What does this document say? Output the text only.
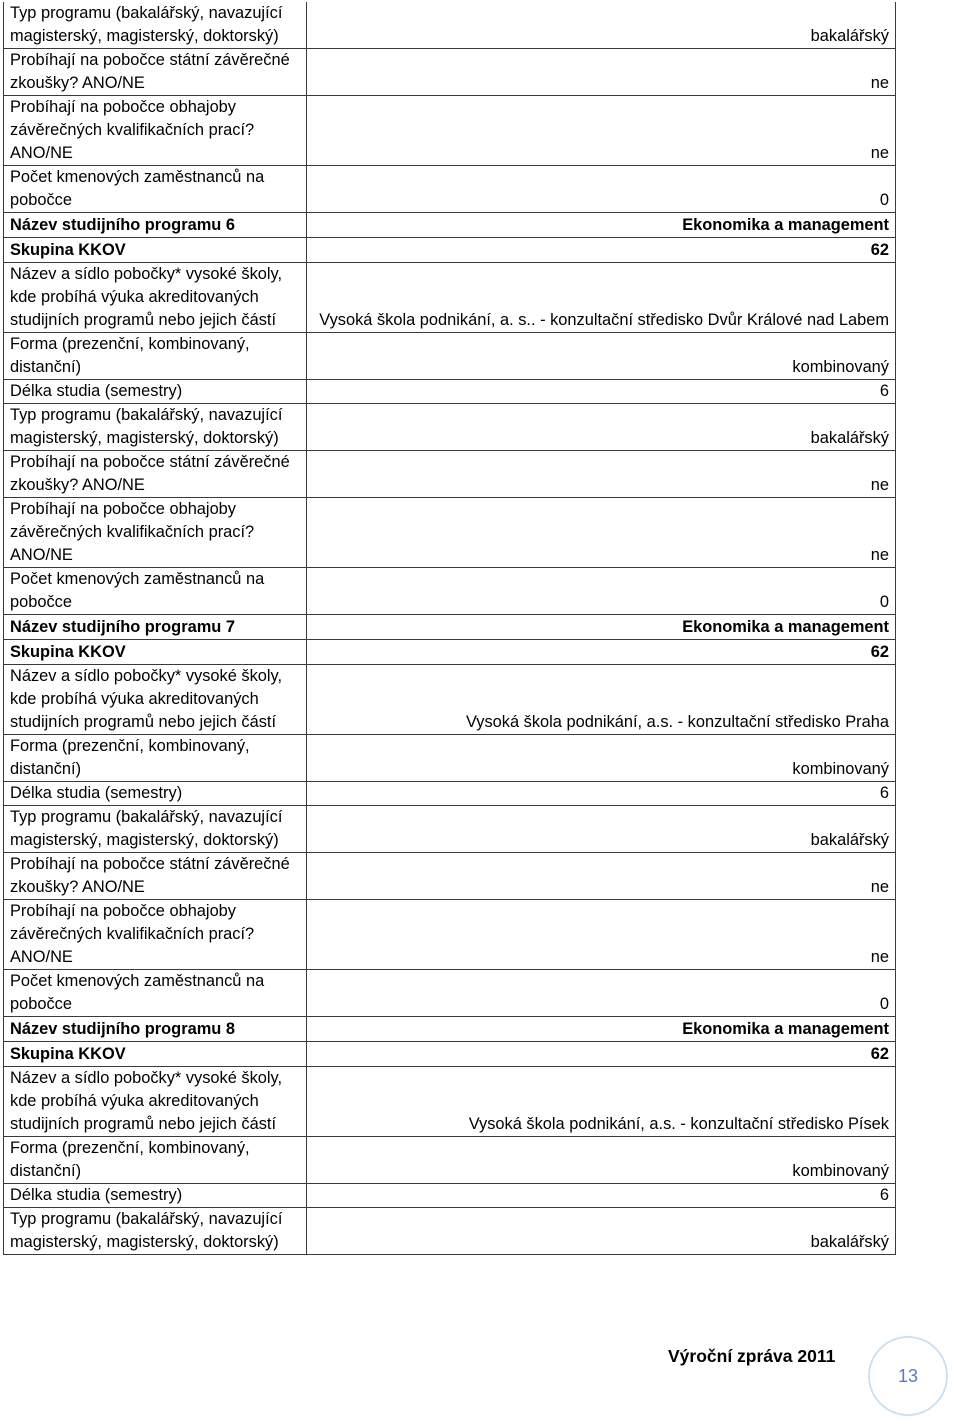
Typ programu (bakalářský, navazující magisterský, magisterský, doktorský)	bakalářský
Probíhají na pobočce státní závěrečné zkoušky? ANO/NE	ne
Probíhají na pobočce obhajoby závěrečných kvalifikačních prací? ANO/NE	ne
Počet kmenových zaměstnanců na pobočce	0
Název studijního programu 6	Ekonomika a management
Skupina KKOV	62
Název a sídlo pobočky* vysoké školy, kde probíhá výuka akreditovaných studijních programů nebo jejich částí	Vysoká škola podnikání, a. s.. - konzultační středisko Dvůr Králové nad Labem
Forma (prezenční, kombinovaný, distanční)	kombinovaný
Délka studia (semestry)	6
Typ programu (bakalářský, navazující magisterský, magisterský, doktorský)	bakalářský
Probíhají na pobočce státní závěrečné zkoušky? ANO/NE	ne
Probíhají na pobočce obhajoby závěrečných kvalifikačních prací? ANO/NE	ne
Počet kmenových zaměstnanců na pobočce	0
Název studijního programu 7	Ekonomika a management
Skupina KKOV	62
Název a sídlo pobočky* vysoké školy, kde probíhá výuka akreditovaných studijních programů nebo jejich částí	Vysoká škola podnikání, a.s. - konzultační středisko Praha
Forma (prezenční, kombinovaný, distanční)	kombinovaný
Délka studia (semestry)	6
Typ programu (bakalářský, navazující magisterský, magisterský, doktorský)	bakalářský
Probíhají na pobočce státní závěrečné zkoušky? ANO/NE	ne
Probíhají na pobočce obhajoby závěrečných kvalifikačních prací? ANO/NE	ne
Počet kmenových zaměstnanců na pobočce	0
Název studijního programu 8	Ekonomika a management
Skupina KKOV	62
Název a sídlo pobočky* vysoké školy, kde probíhá výuka akreditovaných studijních programů nebo jejich částí	Vysoká škola podnikání, a.s. - konzultační středisko Písek
Forma (prezenční, kombinovaný, distanční)	kombinovaný
Délka studia (semestry)	6
Typ programu (bakalářský, navazující magisterský, magisterský, doktorský)	bakalářský
Výroční zpráva 2011
13
